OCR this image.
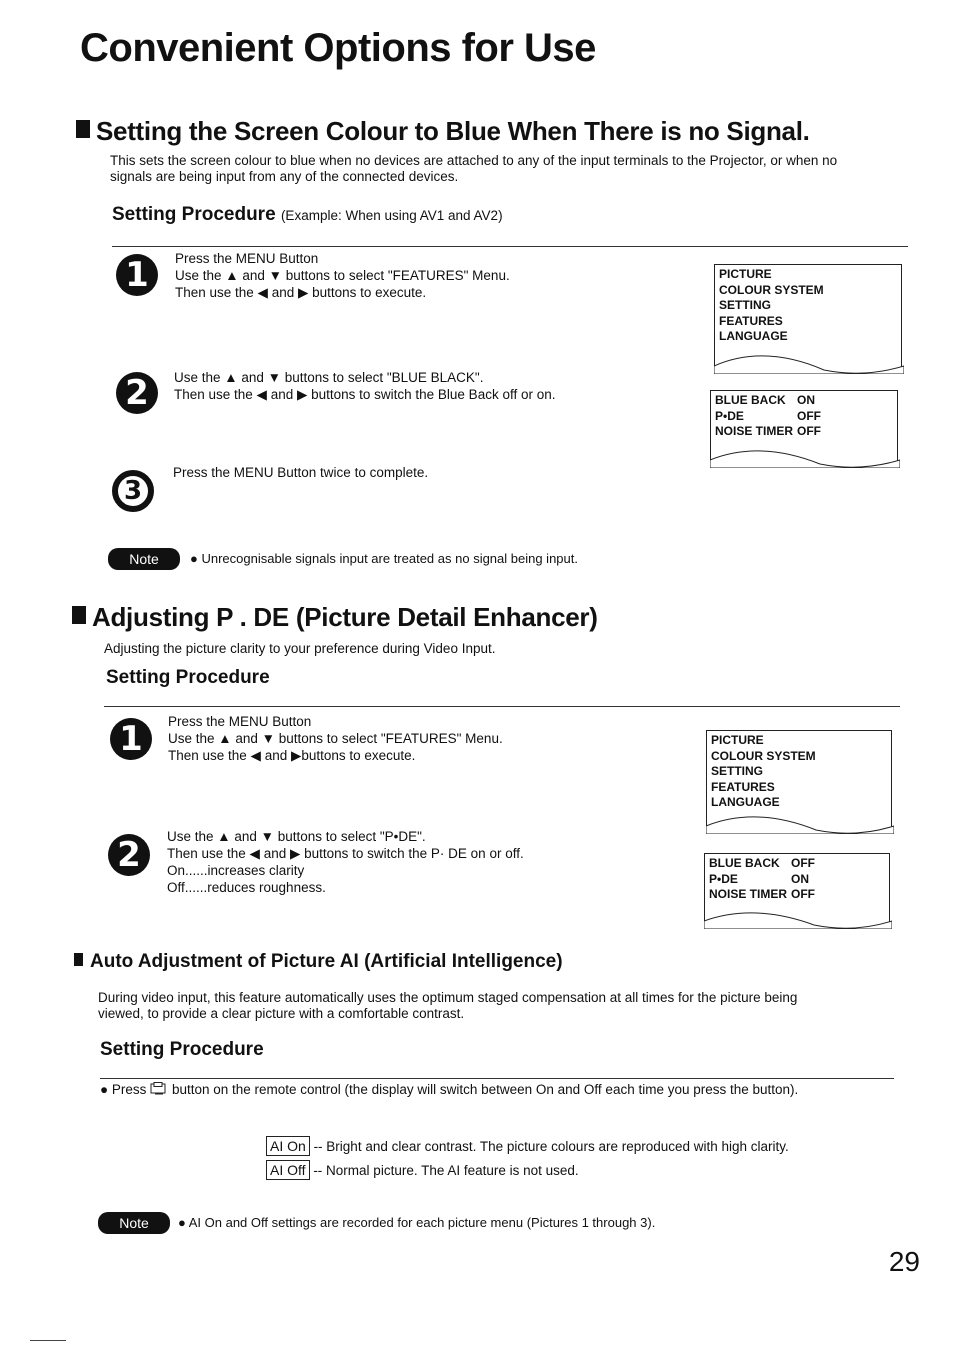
Convenient Options for Use
Setting the Screen Colour to Blue When There is no Signal.
This sets the screen colour to blue when no devices are attached to any of the input terminals to the Projector, or when no
signals are being input from any of the connected devices.
Setting Procedure (Example: When using AV1 and AV2)
1	Press the MENU Button
Use the ▲ and ▼ buttons to select "FEATURES" Menu.
Then use the ◀ and ▶ buttons to execute.
PICTURE
COLOUR SYSTEM
SETTING
FEATURES
LANGUAGE
2	Use the ▲ and ▼ buttons to select "BLUE BLACK".
Then use the ◀ and ▶ buttons to switch the Blue Back off or on.	BLUE BACK ON
P•DE	OFF
NOISE TIMER OFF
3
Press the MENU Button twice to complete.
Note	● Unrecognisable signals input are treated as no signal being input.
Adjusting P . DE (Picture Detail Enhancer)
Adjusting the picture clarity to your preference during Video Input.
Setting Procedure
1	Press the MENU Button
Use the ▲ and ▼ buttons to select "FEATURES" Menu.
Then use the ◀ and ▶buttons to execute.
PICTURE
COLOUR SYSTEM
SETTING
FEATURES
LANGUAGE
2	Use the ▲ and ▼ buttons to select "P•DE".
Then use the ◀ and ▶ buttons to switch the P· DE on or off.
On......increases clarity
Off......reduces roughness.
BLUE BACK OFF
P•DE	ON
NOISE TIMER OFF
Auto Adjustment of Picture AI (Artificial Intelligence)
During video input, this feature automatically uses the optimum staged compensation at all times for the picture being
viewed, to provide a clear picture with a comfortable contrast.
Setting Procedure
● Press button on the remote control (the display will switch between On and Off each time you press the button).
AI On -- Bright and clear contrast. The picture colours are reproduced with high clarity.
AI Off -- Normal picture. The AI feature is not used.
Note	● AI On and Off settings are recorded for each picture menu (Pictures 1 through 3).
29
